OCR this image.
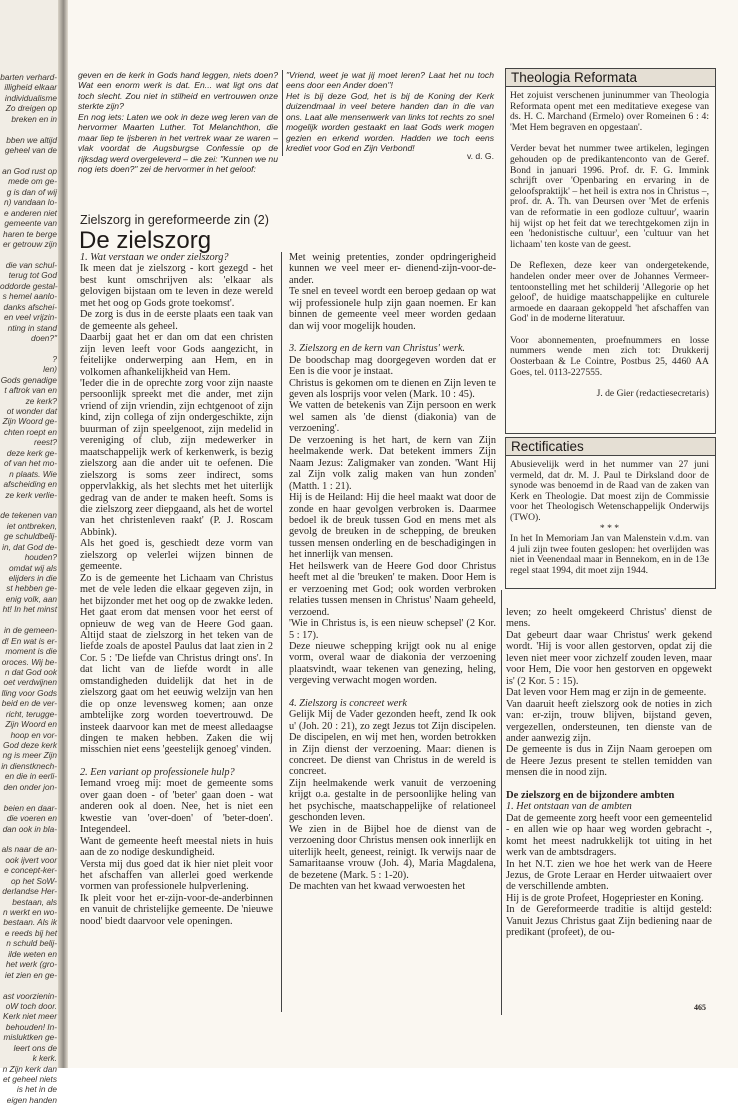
barten verhard-
illigheid elkaar
individualisme
Zo dreigen op
breken en in
bben we altijd
geheel van de
an God rust op
mede om ge-
g is dan of wij
n) vandaan lo-
e anderen niet
gemeente van
haren te berge
er getrouw zijn
die van schul-
terug tot God
oddorde gestal-
s hemel aanlo-
danks afschei-
en veel vrijzin-
nting in stand
doen?"
?
len)
Gods genadige
t aftrok van en
ze kerk?
ot wonder dat
Zijn Woord ge-
chten roept en
reest?
deze kerk ge-
of van het mo-
n plaats. Wie
afscheiding en
ze kerk verlie-
de tekenen van
iet ontbreken,
ge schuldbelij-
in, dat God de-
houden?
omdat wij als
elijders in die
st hebben ge-
enig volk, aan
ht! In het minst
in de gemeen-
d! En wat is er-
moment is die
oroces. Wij be-
n dat God ook
oet verdwijnen
lling voor Gods
beid en de ver-
richt, terugge-
Zijn Woord en
hoop en vor-
God deze kerk
ng is meer Zijn
in dienstknech-
en die in eerli-
den onder jon-
beien en daar-
die voeren en
dan ook in bla-
als naar de an-
ook ijvert voor
e concept-ker-
op het SoW-
derlandse Her-
bestaan, als
n werkt en wo-
bestaan. Als ik
e reeds bij het
n schuld belij-
ilde weten en
het werk (gro-
iet zien en ge-
ast voorzienin-
oW toch door.
Kerk niet meer
behouden! In-
misluktken ge-
leert ons de
k kerk.
n Zijn kerk dan
et geheel niets
is het in de
eigen handen

geven en de kerk in Gods hand leggen, niets doen? Wat een enorm werk is dat. En... wat ligt ons dat toch slecht. Zou niet in stilheid en vertrouwen onze sterkte zijn?

En nog iets: Laten we ook in deze weg leren van de hervormer Maarten Luther. Tot Melanchthon, die maar liep te ijsberen in het vertrek waar ze waren – vlak voordat de Augsburgse Confessie op de rijksdag werd overgeleverd – die zei: "Kunnen we nu nog iets doen?" zei de hervormer in het geloof:

"Vriend, weet je wat jij moet leren? Laat het nu toch eens door een Ander doen"!

Het is bij deze God, het is bij de Koning der Kerk duizendmaal in veel betere handen dan in die van ons. Laat alle mensenwerk van links tot rechts zo snel mogelijk worden gestaakt en laat Gods werk mogen gezien en erkend worden. Hadden we toch eens krediet voor God en Zijn Verbond!

v. d. G.
Zielszorg in gereformeerde zin (2)
De zielszorg

1. Wat verstaan we onder zielszorg?

Ik meen dat je zielszorg - kort gezegd - het best kunt omschrijven als: 'elkaar als gelovigen bijstaan om te leven in deze wereld met het oog op Gods grote toekomst'.

De zorg is dus in de eerste plaats een taak van de gemeente als geheel.

Daarbij gaat het er dan om dat een christen zijn leven leeft voor Gods aangezicht, in feitelijke onderwerping aan Hem, en in volkomen afhankelijkheid van Hem.

'Ieder die in de oprechte zorg voor zijn naaste persoonlijk spreekt met die ander, met zijn vriend of zijn vriendin, zijn echtgenoot of zijn kind, zijn collega of zijn ondergeschikte, zijn buurman of zijn speelgenoot, zijn medelid in vereniging of club, zijn medewerker in maatschappelijk werk of kerkenwerk, is bezig zielszorg aan die ander uit te oefenen. Die zielszorg is soms zeer indirect, soms oppervlakkig, als het slechts met het uiterlijk gedrag van de ander te maken heeft. Soms is die zielszorg zeer diepgaand, als het de wortel van het christenleven raakt' (P. J. Roscam Abbink).

Als het goed is, geschiedt deze vorm van zielszorg op velerlei wijzen binnen de gemeente.

Zo is de gemeente het Lichaam van Christus met de vele leden die elkaar gegeven zijn, in het bijzonder met het oog op de zwakke leden. Het gaat erom dat mensen voor het eerst of opnieuw de weg van de Heere God gaan. Altijd staat de zielszorg in het teken van de liefde zoals de apostel Paulus dat laat zien in 2 Cor. 5 : 'De liefde van Christus dringt ons'. In dat licht van de liefde wordt in alle omstandigheden duidelijk dat het in de zielszorg gaat om het eeuwig welzijn van hen die op onze levensweg komen; aan onze ambtelijke zorg worden toevertrouwd. De insteek daarvoor kan met de meest alledaagse dingen te maken hebben. Zaken die wij misschien niet eens 'geestelijk genoeg' vinden.

2. Een variant op professionele hulp?

Iemand vroeg mij: moet de gemeente soms over gaan doen - of 'beter' gaan doen - wat anderen ook al doen. Nee, het is niet een kwestie van 'over-doen' of 'beter-doen'. Integendeel.

Want de gemeente heeft meestal niets in huis aan de zo nodige deskundigheid.

Versta mij dus goed dat ik hier niet pleit voor het afschaffen van allerlei goed werkende vormen van professionele hulpverlening.

Ik pleit voor het er-zijn-voor-de-anderbinnen en vanuit de christelijke gemeente. De 'nieuwe nood' biedt daarvoor vele openingen.

Met weinig pretenties, zonder opdringerigheid kunnen we veel meer er- dienend-zijn-voor-de-ander.

Te snel en teveel wordt een beroep gedaan op wat wij professionele hulp zijn gaan noemen. Er kan binnen de gemeente veel meer worden gedaan dan wij voor mogelijk houden.

3. Zielszorg en de kern van Christus' werk.

De boodschap mag doorgegeven worden dat er Een is die voor je instaat.

Christus is gekomen om te dienen en Zijn leven te geven als losprijs voor velen (Mark. 10 : 45).

We vatten de betekenis van Zijn persoon en werk wel samen als 'de dienst (diakonia) van de verzoening'.

De verzoening is het hart, de kern van Zijn heelmakende werk. Dat betekent immers Zijn Naam Jezus: Zaligmaker van zonden. 'Want Hij zal Zijn volk zalig maken van hun zonden' (Matth. 1 : 21).

Hij is de Heiland: Hij die heel maakt wat door de zonde en haar gevolgen verbroken is. Daarmee bedoel ik de breuk tussen God en mens met als gevolg de breuken in de schepping, de breuken tussen mensen onderling en de beschadigingen in het innerlijk van mensen.

Het heilswerk van de Heere God door Christus heeft met al die 'breuken' te maken. Door Hem is er verzoening met God; ook worden verbroken relaties tussen mensen in Christus' Naam geheeld, verzoend.

'Wie in Christus is, is een nieuw schepsel' (2 Kor. 5 : 17).

Deze nieuwe schepping krijgt ook nu al enige vorm, overal waar de diakonia der verzoening plaatsvindt, waar tekenen van genezing, heling, vergeving verwacht mogen worden.

4. Zielszorg is concreet werk

Gelijk Mij de Vader gezonden heeft, zend Ik ook u' (Joh. 20 : 21), zo zegt Jezus tot Zijn discipelen. De discipelen, en wij met hen, worden betrokken in Zijn dienst der verzoening. Maar: dienen is concreet. De dienst van Christus in de wereld is concreet.

Zijn heelmakende werk vanuit de verzoening krijgt o.a. gestalte in de persoonlijke heling van het psychische, maatschappelijke of relationeel geschonden leven.

We zien in de Bijbel hoe de dienst van de verzoening door Christus mensen ook innerlijk en uiterlijk heelt, geneest, reinigt. Ik verwijs naar de Samaritaanse vrouw (Joh. 4), Maria Magdalena, de bezetene (Mark. 5 : 1-20).

De machten van het kwaad verwoesten het

leven; zo heelt omgekeerd Christus' dienst de mens.

Dat gebeurt daar waar Christus' werk gekend wordt. 'Hij is voor allen gestorven, opdat zij die leven niet meer voor zichzelf zouden leven, maar voor Hem, Die voor hen gestorven en opgewekt is' (2 Kor. 5 : 15).

Dat leven voor Hem mag er zijn in de gemeente.

Van daaruit heeft zielszorg ook de noties in zich van: er-zijn, trouw blijven, bijstand geven, vergezellen, ondersteunen, ten dienste van de ander aanwezig zijn.

De gemeente is dus in Zijn Naam geroepen om de Heere Jezus present te stellen temidden van mensen die in nood zijn.

De zielszorg en de bijzondere ambten

1. Het ontstaan van de ambten

Dat de gemeente zorg heeft voor een gemeentelid - en allen wie op haar weg worden gebracht -, komt het meest nadrukkelijk tot uiting in het werk van de ambtsdragers.

In het N.T. zien we hoe het werk van de Heere Jezus, de Grote Leraar en Herder uitwaaiert over de verschillende ambten.

Hij is de grote Profeet, Hogepriester en Koning.

In de Gereformeerde traditie is altijd gesteld: Vanuit Jezus Christus gaat Zijn bediening naar de predikant (profeet), de ou-

Theologia Reformata

Het zojuist verschenen juninummer van Theologia Reformata opent met een meditatieve exegese van ds. H. C. Marchand (Ermelo) over Romeinen 6 : 4: 'Met Hem begraven en opgestaan'.

Verder bevat het nummer twee artikelen, legingen gehouden op de predikantenconto van de Geref. Bond in januari 1996. Prof. dr. F. G. Immink schrijft over 'Openbaring en ervaring in de geloofspraktijk' – het heil is extra nos in Christus –, prof. dr. A. Th. van Deursen over 'Met de erfenis van de reformatie in een godloze cultuur', waarin hij wijst op het feit dat we terechtgekomen zijn in een 'hedonistische cultuur', een 'cultuur van het lichaam' ten koste van de geest.

De Reflexen, deze keer van ondergetekende, handelen onder meer over de Johannes Vermeer-tentoonstelling met het schilderij 'Allegorie op het geloof', de huidige maatschappelijke en culturele armoede en daaraan gekoppeld 'het afschaffen van God' in de moderne literatuur.

Voor abonnementen, proefnummers en losse nummers wende men zich tot: Drukkerij Oosterbaan & Le Cointre, Postbus 25, 4460 AA Goes, tel. 0113-227555.

J. de Gier (redactiesecretaris)

Rectificaties

Abusievelijk werd in het nummer van 27 juni vermeld, dat dr. M. J. Paul te Dirksland door de synode was benoemd in de Raad van de zaken van Kerk en Theologie. Dat moest zijn de Commissie voor het Theologisch Wetenschappelijk Onderwijs (TWO).

* * *

In het In Memoriam Jan van Malenstein v.d.m. van 4 juli zijn twee fouten geslopen: het overlijden was niet in Veenendaal maar in Bennekom, en in de 13e regel staat 1994, dit moet zijn 1944.

465
